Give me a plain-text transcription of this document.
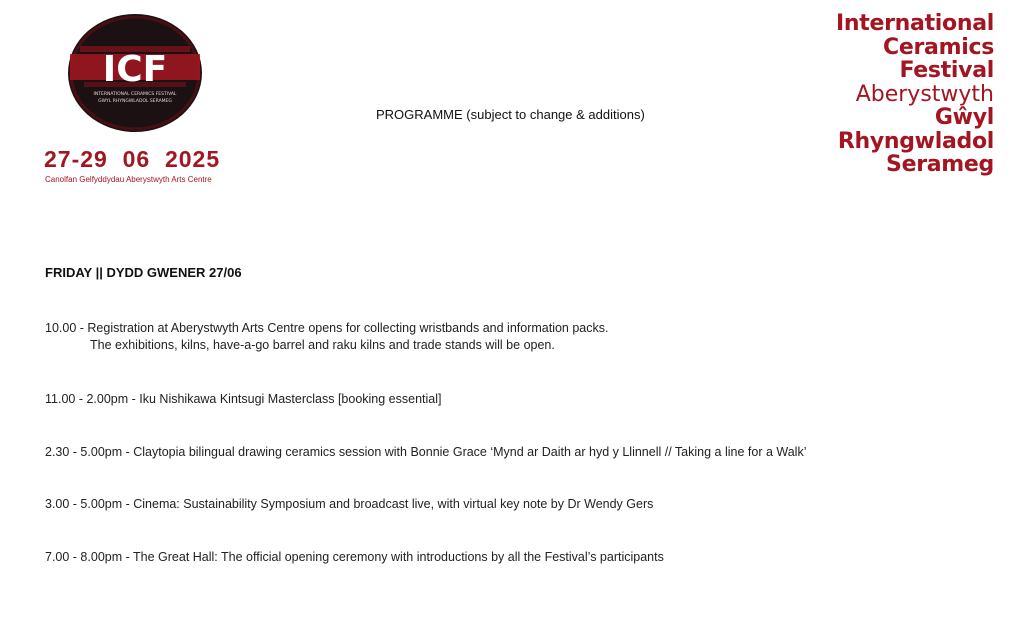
ICF
INTERNATIONAL CERAMICS FESTIVAL
GWYL RHYNGWLADOL SERAMEG
27-29  06  2025
Canolfan Gelfyddydau Aberystwyth Arts Centre
PROGRAMME (subject to change & additions)
International
Ceramics
Festival
Aberystwyth
Gŵyl
Rhyngwladol
Serameg
FRIDAY || DYDD GWENER 27/06
10.00 - Registration at Aberystwyth Arts Centre opens for collecting wristbands and information packs.
The exhibitions, kilns, have-a-go barrel and raku kilns and trade stands will be open.
11.00 - 2.00pm - Iku Nishikawa Kintsugi Masterclass [booking essential]
2.30 - 5.00pm - Claytopia bilingual drawing ceramics session with Bonnie Grace ‘Mynd ar Daith ar hyd y Llinnell // Taking a line for a Walk’
3.00 - 5.00pm - Cinema: Sustainability Symposium and broadcast live, with virtual key note by Dr Wendy Gers
7.00 - 8.00pm - The Great Hall: The official opening ceremony with introductions by all the Festival’s participants
